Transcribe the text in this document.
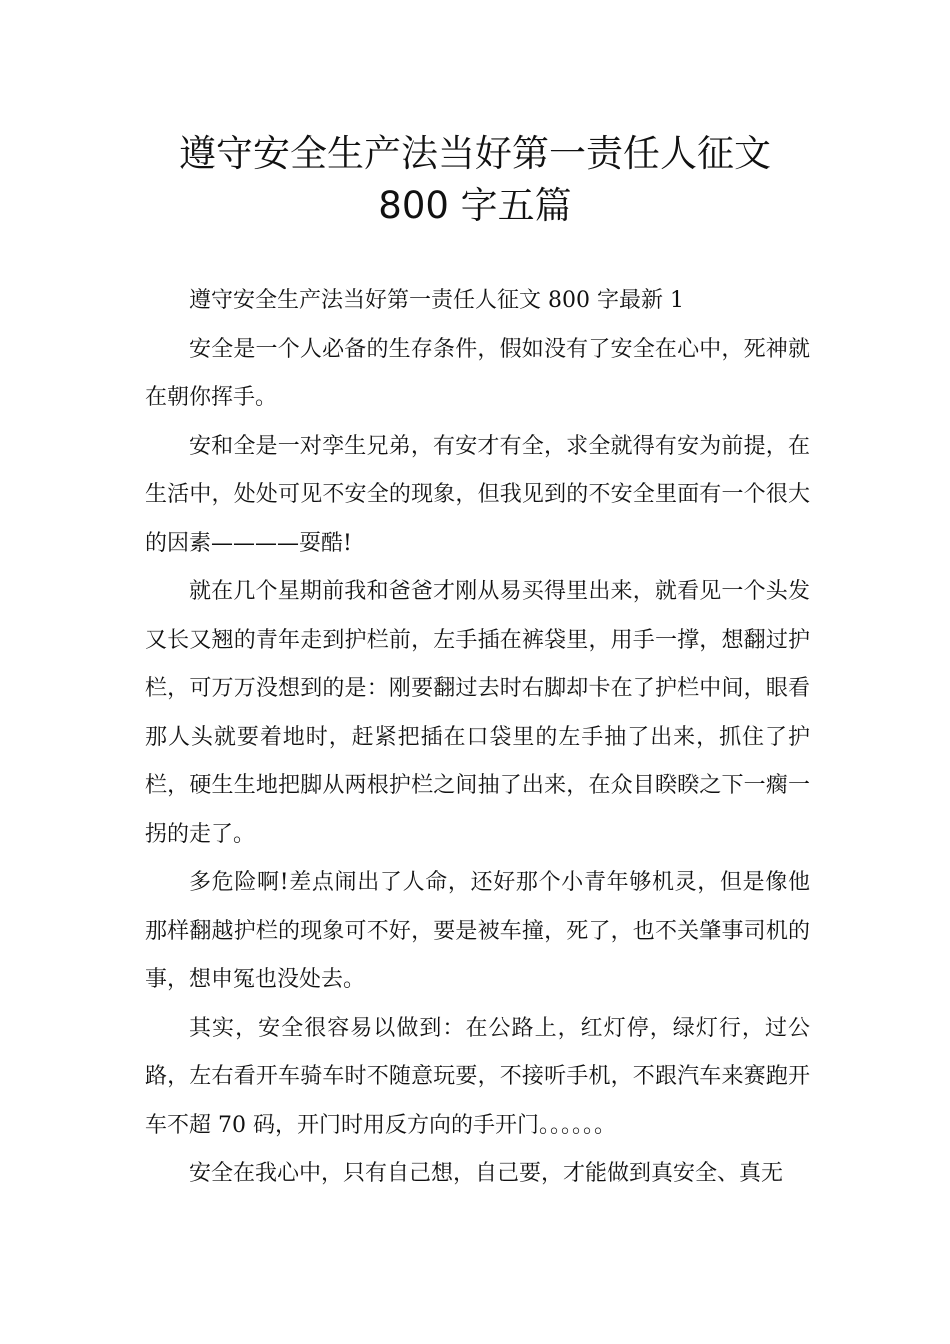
遵守安全生产法当好第一责任人征文
800 字五篇

遵守安全生产法当好第一责任人征文 800 字最新 1

安全是一个人必备的生存条件，假如没有了安全在心中，死神就在朝你挥手。

安和全是一对孪生兄弟，有安才有全，求全就得有安为前提，在生活中，处处可见不安全的现象，但我见到的不安全里面有一个很大的因素————耍酷!

就在几个星期前我和爸爸才刚从易买得里出来，就看见一个头发又长又翘的青年走到护栏前，左手插在裤袋里，用手一撑，想翻过护栏，可万万没想到的是：刚要翻过去时右脚却卡在了护栏中间，眼看那人头就要着地时，赶紧把插在口袋里的左手抽了出来，抓住了护栏，硬生生地把脚从两根护栏之间抽了出来，在众目睽睽之下一瘸一拐的走了。

多危险啊!差点闹出了人命，还好那个小青年够机灵，但是像他那样翻越护栏的现象可不好，要是被车撞，死了，也不关肇事司机的事，想申冤也没处去。

其实，安全很容易以做到：在公路上，红灯停，绿灯行，过公路，左右看开车骑车时不随意玩要，不接听手机，不跟汽车来赛跑开车不超 70 码，开门时用反方向的手开门。。。。。。

安全在我心中，只有自己想，自己要，才能做到真安全、真无
